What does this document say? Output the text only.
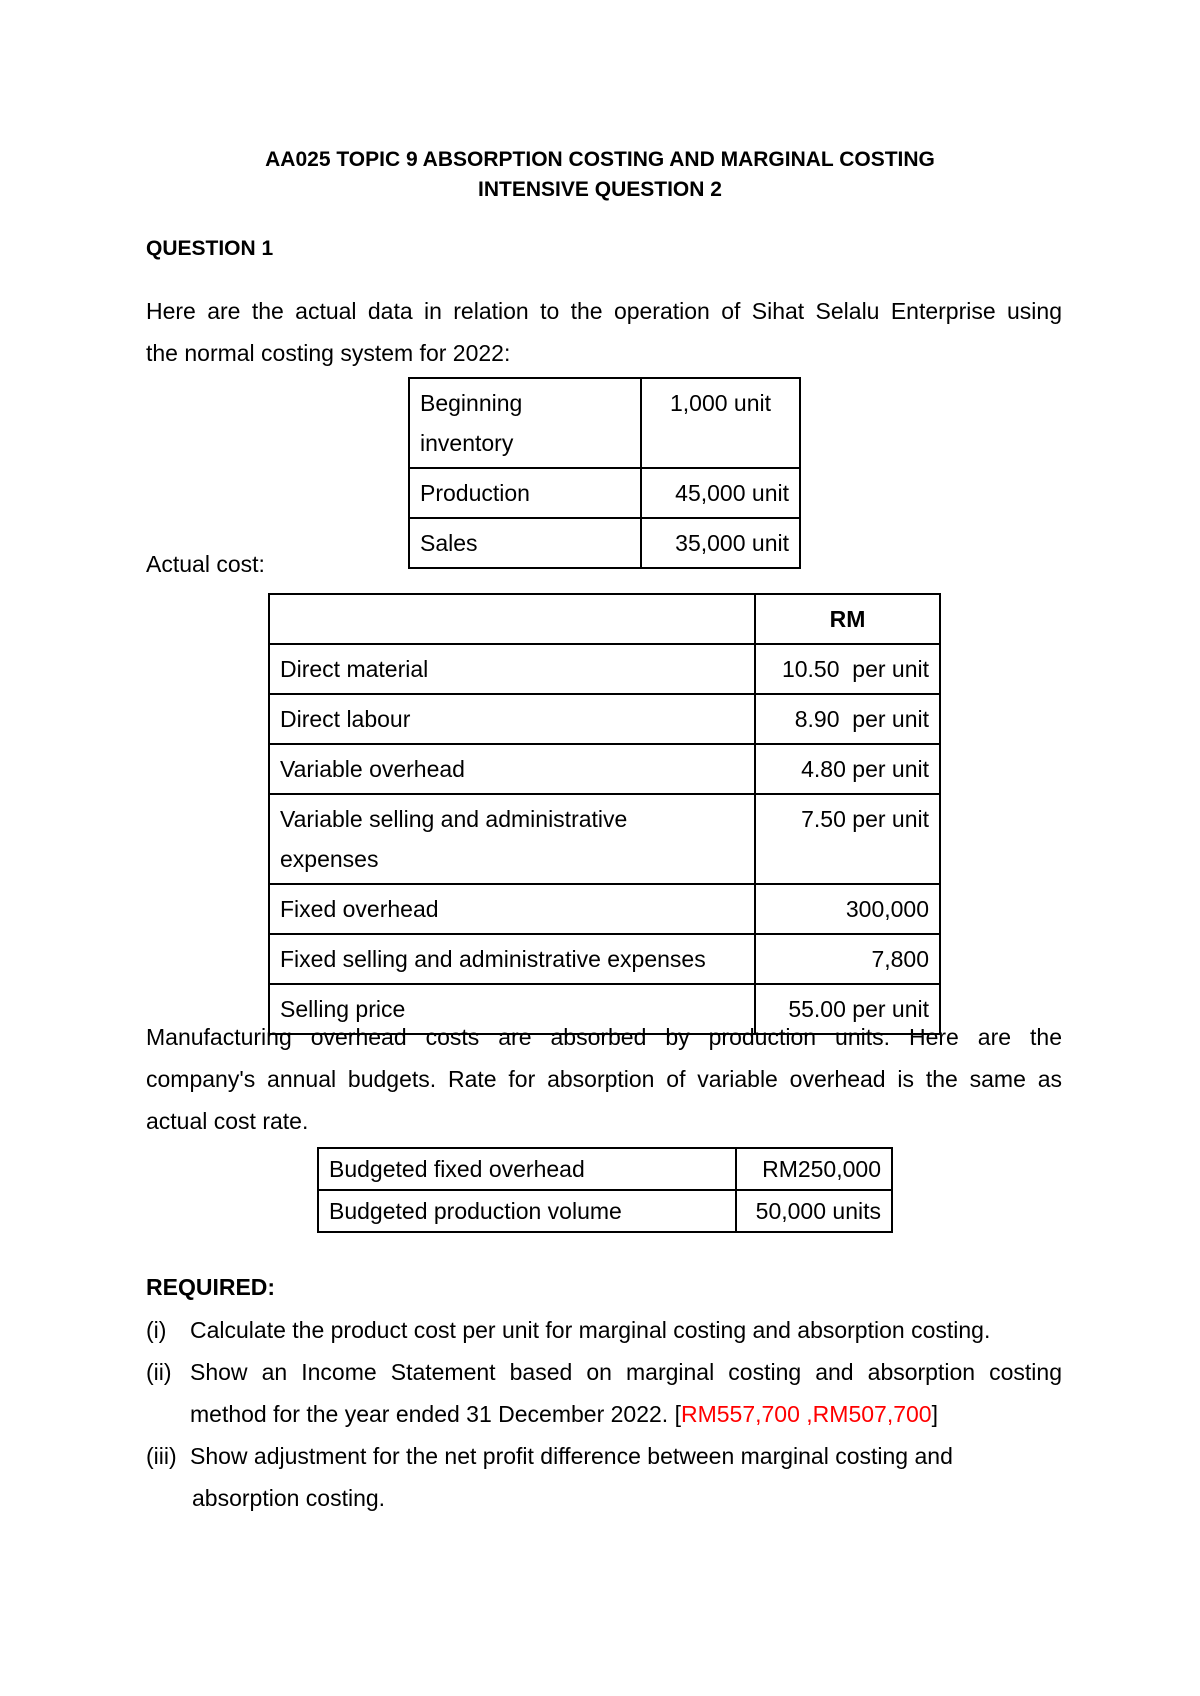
AA025 TOPIC 9 ABSORPTION COSTING AND MARGINAL COSTING
INTENSIVE QUESTION 2
QUESTION 1
Here are the actual data in relation to the operation of Sihat Selalu Enterprise using
the normal costing system for 2022:
Beginning
inventory	1,000 unit
Production	45,000 unit
Sales	35,000 unit
Actual cost:
	RM
Direct material	10.50  per unit
Direct labour	8.90  per unit
Variable overhead	4.80 per unit
Variable selling and administrative
expenses	7.50 per unit
Fixed overhead	300,000
Fixed selling and administrative expenses	7,800
Selling price	55.00 per unit
Manufacturing overhead costs are absorbed by production units. Here are the
company's annual budgets. Rate for absorption of variable overhead is the same as
actual cost rate.
Budgeted fixed overhead	RM250,000
Budgeted production volume	50,000 units
REQUIRED:
(i) Calculate the product cost per unit for marginal costing and absorption costing.
(ii) Show an Income Statement based on marginal costing and absorption costing
method for the year ended 31 December 2022. [RM557,700 ,RM507,700]
(iii) Show adjustment for the net profit difference between marginal costing and
absorption costing.
